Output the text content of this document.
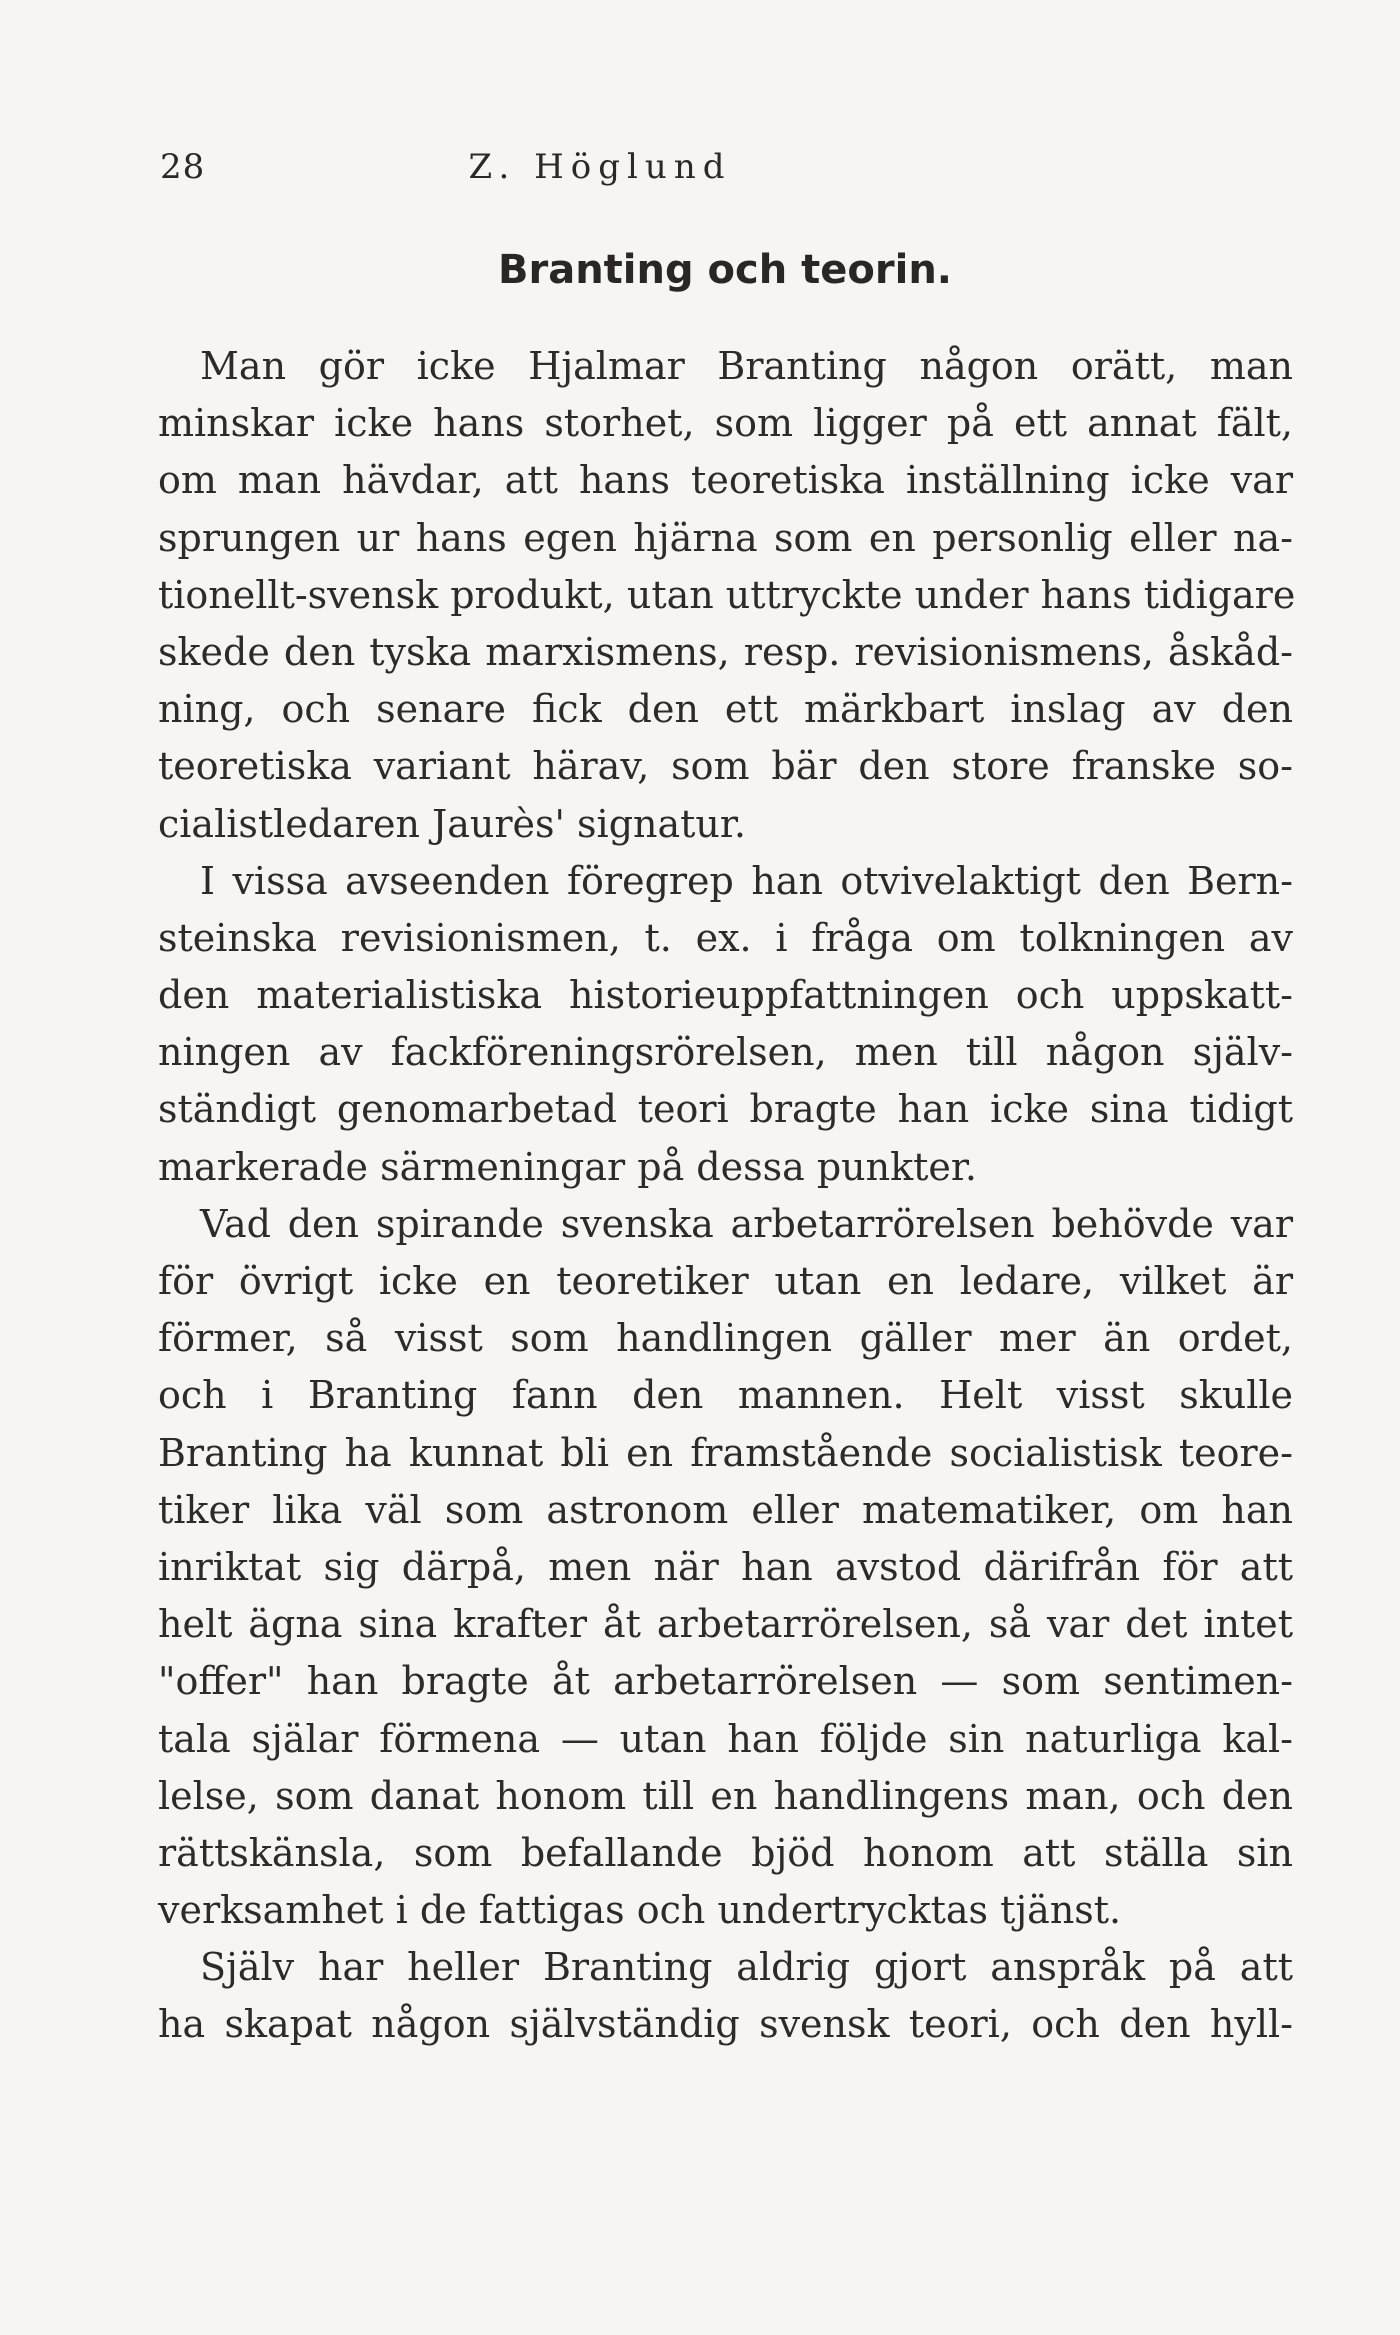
28	Z. Höglund
Branting och teorin.
Man gör icke Hjalmar Branting någon orätt, man
minskar icke hans storhet, som ligger på ett annat fält,
om man hävdar, att hans teoretiska inställning icke var
sprungen ur hans egen hjärna som en personlig eller na-
tionellt-svensk produkt, utan uttryckte under hans tidigare
skede den tyska marxismens, resp. revisionismens, åskåd-
ning, och senare fick den ett märkbart inslag av den
teoretiska variant härav, som bär den store franske so-
cialistledaren Jaurès' signatur.
I vissa avseenden föregrep han otvivelaktigt den Bern-
steinska revisionismen, t. ex. i fråga om tolkningen av
den materialistiska historieuppfattningen och uppskatt-
ningen av fackföreningsrörelsen, men till någon själv-
ständigt genomarbetad teori bragte han icke sina tidigt
markerade särmeningar på dessa punkter.
Vad den spirande svenska arbetarrörelsen behövde var
för övrigt icke en teoretiker utan en ledare, vilket är
förmer, så visst som handlingen gäller mer än ordet,
och i Branting fann den mannen. Helt visst skulle
Branting ha kunnat bli en framstående socialistisk teore-
tiker lika väl som astronom eller matematiker, om han
inriktat sig därpå, men när han avstod därifrån för att
helt ägna sina krafter åt arbetarrörelsen, så var det intet
"offer" han bragte åt arbetarrörelsen — som sentimen-
tala själar förmena — utan han följde sin naturliga kal-
lelse, som danat honom till en handlingens man, och den
rättskänsla, som befallande bjöd honom att ställa sin
verksamhet i de fattigas och undertrycktas tjänst.
Själv har heller Branting aldrig gjort anspråk på att
ha skapat någon självständig svensk teori, och den hyll-
